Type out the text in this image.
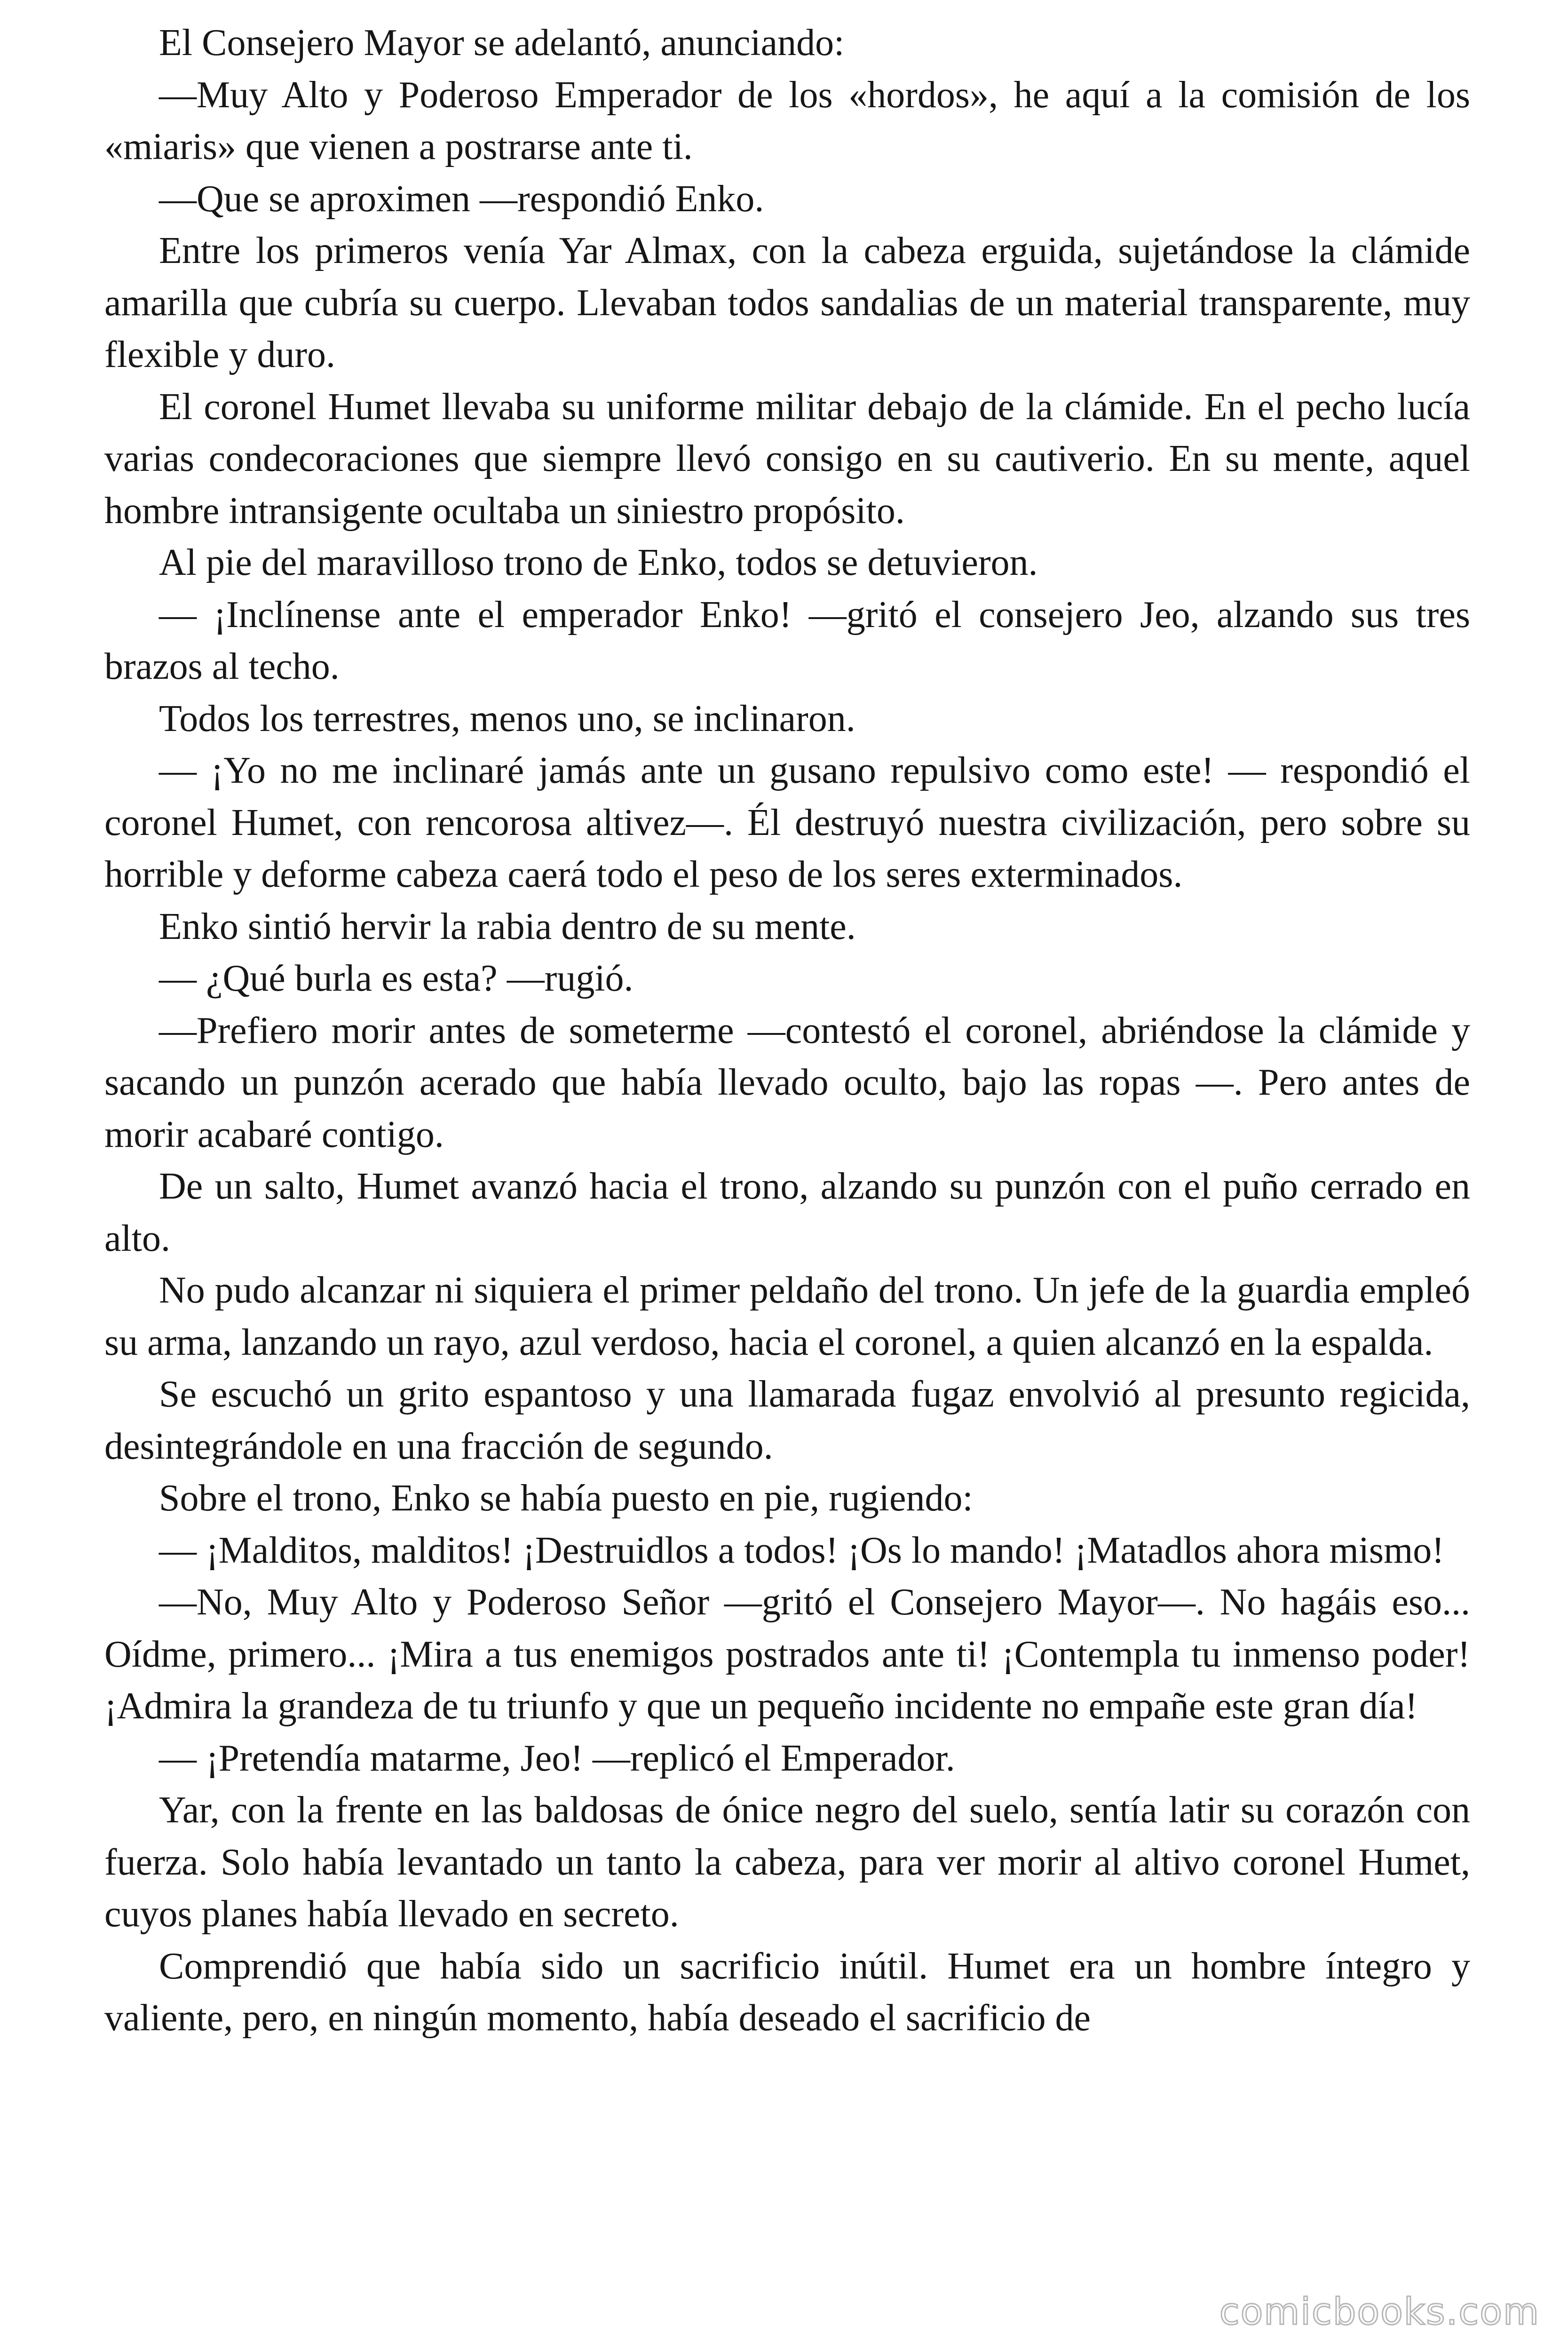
El Consejero Mayor se adelantó, anunciando:

—Muy Alto y Poderoso Emperador de los «hordos», he aquí a la comisión de los «miaris» que vienen a postrarse ante ti.

—Que se aproximen —respondió Enko.

Entre los primeros venía Yar Almax, con la cabeza erguida, sujetándose la clámide amarilla que cubría su cuerpo. Llevaban todos sandalias de un material transparente, muy flexible y duro.

El coronel Humet llevaba su uniforme militar debajo de la clámide. En el pecho lucía varias condecoraciones que siempre llevó consigo en su cautiverio. En su mente, aquel hombre intransigente ocultaba un siniestro propósito.

Al pie del maravilloso trono de Enko, todos se detuvieron.

— ¡Inclínense ante el emperador Enko! —gritó el consejero Jeo, alzando sus tres brazos al techo.

Todos los terrestres, menos uno, se inclinaron.

— ¡Yo no me inclinaré jamás ante un gusano repulsivo como este! — respondió el coronel Humet, con rencorosa altivez—. Él destruyó nuestra civilización, pero sobre su horrible y deforme cabeza caerá todo el peso de los seres exterminados.

Enko sintió hervir la rabia dentro de su mente.

— ¿Qué burla es esta? —rugió.

—Prefiero morir antes de someterme —contestó el coronel, abriéndose la clámide y sacando un punzón acerado que había llevado oculto, bajo las ropas —. Pero antes de morir acabaré contigo.

De un salto, Humet avanzó hacia el trono, alzando su punzón con el puño cerrado en alto.

No pudo alcanzar ni siquiera el primer peldaño del trono. Un jefe de la guardia empleó su arma, lanzando un rayo, azul verdoso, hacia el coronel, a quien alcanzó en la espalda.

Se escuchó un grito espantoso y una llamarada fugaz envolvió al presunto regicida, desintegrándole en una fracción de segundo.

Sobre el trono, Enko se había puesto en pie, rugiendo:

— ¡Malditos, malditos! ¡Destruidlos a todos! ¡Os lo mando! ¡Matadlos ahora mismo!

—No, Muy Alto y Poderoso Señor —gritó el Consejero Mayor—. No hagáis eso... Oídme, primero... ¡Mira a tus enemigos postrados ante ti! ¡Contempla tu inmenso poder! ¡Admira la grandeza de tu triunfo y que un pequeño incidente no empañe este gran día!

— ¡Pretendía matarme, Jeo! —replicó el Emperador.

Yar, con la frente en las baldosas de ónice negro del suelo, sentía latir su corazón con fuerza. Solo había levantado un tanto la cabeza, para ver morir al altivo coronel Humet, cuyos planes había llevado en secreto.

Comprendió que había sido un sacrificio inútil. Humet era un hombre íntegro y valiente, pero, en ningún momento, había deseado el sacrificio de

comicbooks.com
